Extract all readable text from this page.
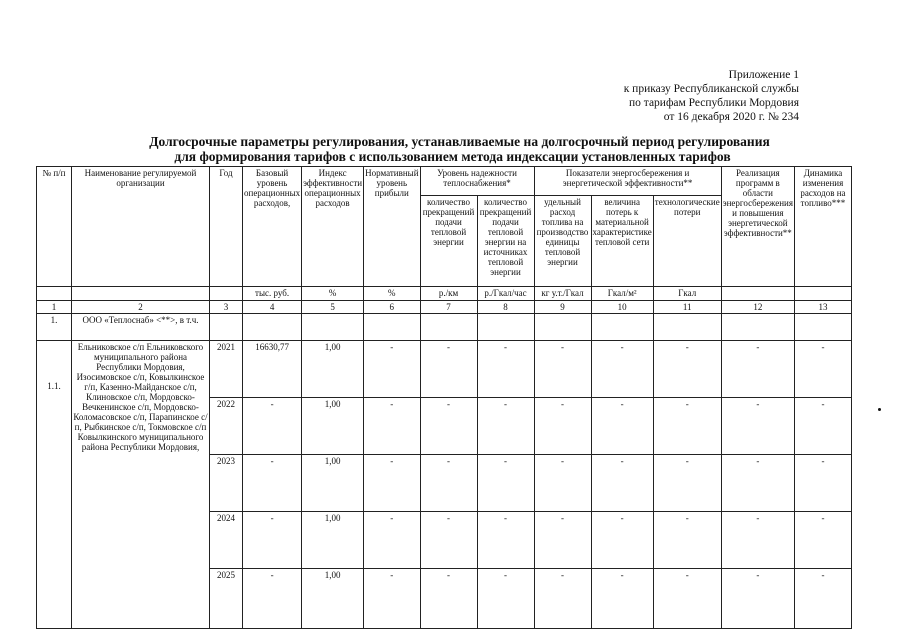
Приложение 1
к приказу Республиканской службы
по тарифам Республики Мордовия
от 16 декабря 2020 г. № 234
Долгосрочные параметры регулирования, устанавливаемые на долгосрочный период регулирования
для формирования тарифов с использованием метода индексации установленных тарифов
№ п/п	Наименование регулируемой организации	Год	Базовый уровень операционных расходов,	Индекс эффективности операционных расходов	Нормативный уровень прибыли	Уровень надежности теплоснабжения*		Показатели энергосбережения и энергетической эффективности**			Реализация программ в области энергосбережения и повышения энергетической эффективности**	Динамика изменения расходов на топливо***
						количество прекращений подачи тепловой энергии	количество прекращений подачи тепловой энергии на источниках тепловой энергии	удельный расход топлива на производство единицы тепловой энергии	величина потерь к материальной характеристике тепловой сети	технологические потери		
			тыс. руб.	%	%	р./км	р./Гкал/час	кг у.т./Гкал	Гкал/м²	Гкал		
1	2	3	4	5	6	7	8	9	10	11	12	13
1.	ООО «Теплоснаб» <**>, в т.ч.											
1.1.	Ельниковское с/п Ельниковского муниципального района Республики Мордовия, Изосимовское с/п, Ковылкинское г/п, Казенно-Майданское с/п, Клиновское с/п, Мордовско-Вечкенинское с/п, Мордовско-Коломасовское с/п, Парапинское с/п, Рыбкинское с/п, Токмовское с/п Ковылкинского муниципального района Республики Мордовия,	2021	16630,77	1,00	-	-	-	-	-	-	-	-
		2022	-	1,00	-	-	-	-	-	-	-	-
		2023	-	1,00	-	-	-	-	-	-	-	-
		2024	-	1,00	-	-	-	-	-	-	-	-
		2025	-	1,00	-	-	-	-	-	-	-	-
